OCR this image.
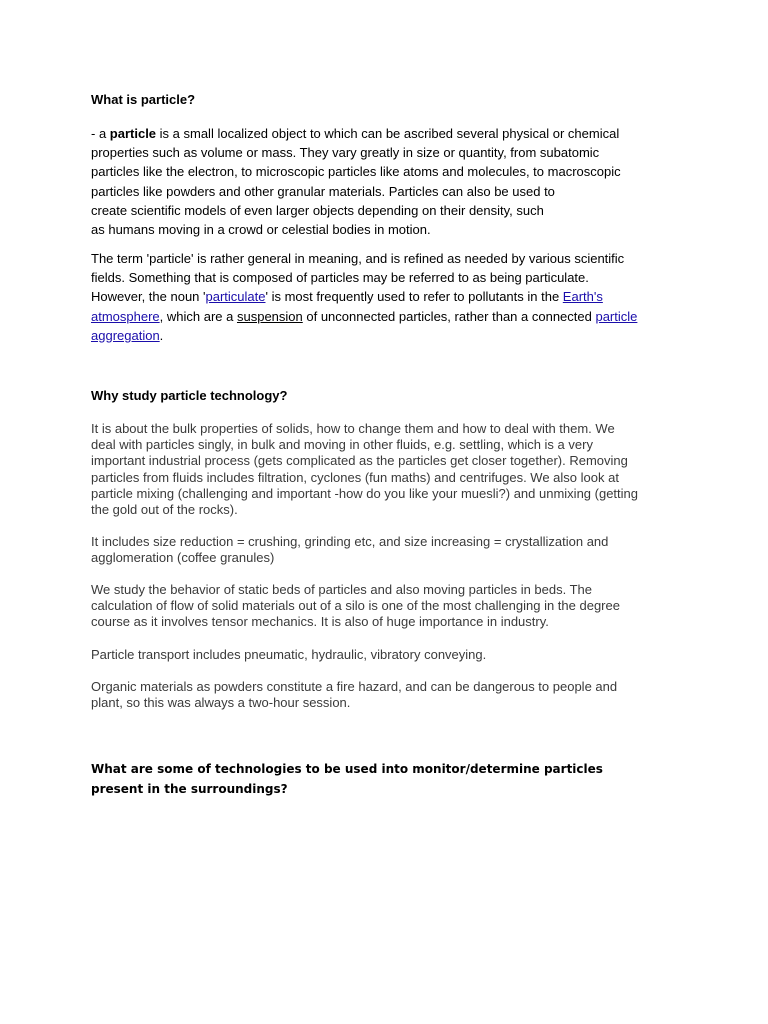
What is particle?

- a particle is a small localized object to which can be ascribed several physical or chemical
properties such as volume or mass. They vary greatly in size or quantity, from subatomic
particles like the electron, to microscopic particles like atoms and molecules, to macroscopic
particles like powders and other granular materials. Particles can also be used to
create scientific models of even larger objects depending on their density, such
as humans moving in a crowd or celestial bodies in motion.
The term 'particle' is rather general in meaning, and is refined as needed by various scientific
fields. Something that is composed of particles may be referred to as being particulate.
However, the noun 'particulate' is most frequently used to refer to pollutants in the Earth's
atmosphere, which are a suspension of unconnected particles, rather than a connected particle
aggregation.

Why study particle technology?

It is about the bulk properties of solids, how to change them and how to deal with them. We
deal with particles singly, in bulk and moving in other fluids, e.g. settling, which is a very
important industrial process (gets complicated as the particles get closer together). Removing
particles from fluids includes filtration, cyclones (fun maths) and centrifuges. We also look at
particle mixing (challenging and important -how do you like your muesli?) and unmixing (getting
the gold out of the rocks).
It includes size reduction = crushing, grinding etc, and size increasing = crystallization and
agglomeration (coffee granules)
We study the behavior of static beds of particles and also moving particles in beds. The
calculation of flow of solid materials out of a silo is one of the most challenging in the degree
course as it involves tensor mechanics. It is also of huge importance in industry.
Particle transport includes pneumatic, hydraulic, vibratory conveying.
Organic materials as powders constitute a fire hazard, and can be dangerous to people and
plant, so this was always a two-hour session.

What are some of technologies to be used into monitor/determine particles present in the surroundings?
